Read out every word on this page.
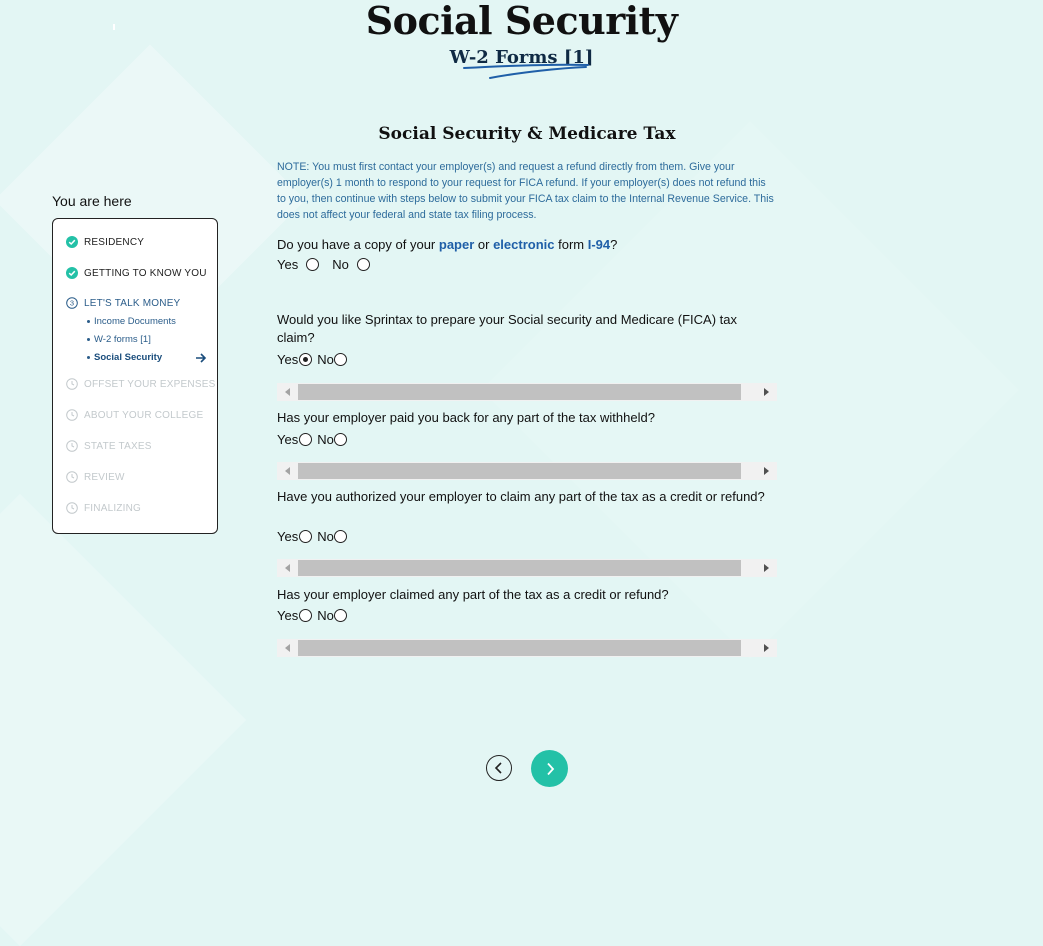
Social Security
W-2 Forms [1]
You are here
RESIDENCY
GETTING TO KNOW YOU
3 LET'S TALK MONEY
Income Documents
W-2 forms [1]
Social Security
OFFSET YOUR EXPENSES
ABOUT YOUR COLLEGE
STATE TAXES
REVIEW
FINALIZING
Social Security & Medicare Tax
NOTE: You must first contact your employer(s) and request a refund directly from them. Give your employer(s) 1 month to respond to your request for FICA refund. If your employer(s) does not refund this to you, then continue with steps below to submit your FICA tax claim to the Internal Revenue Service. This does not affect your federal and state tax filing process.
Do you have a copy of your paper or electronic form I-94?
Yes	No
Would you like Sprintax to prepare your Social security and Medicare (FICA) tax claim?
Yes No
Has your employer paid you back for any part of the tax withheld?
Yes No
Have you authorized your employer to claim any part of the tax as a credit or refund?
Yes No
Has your employer claimed any part of the tax as a credit or refund?
Yes No
